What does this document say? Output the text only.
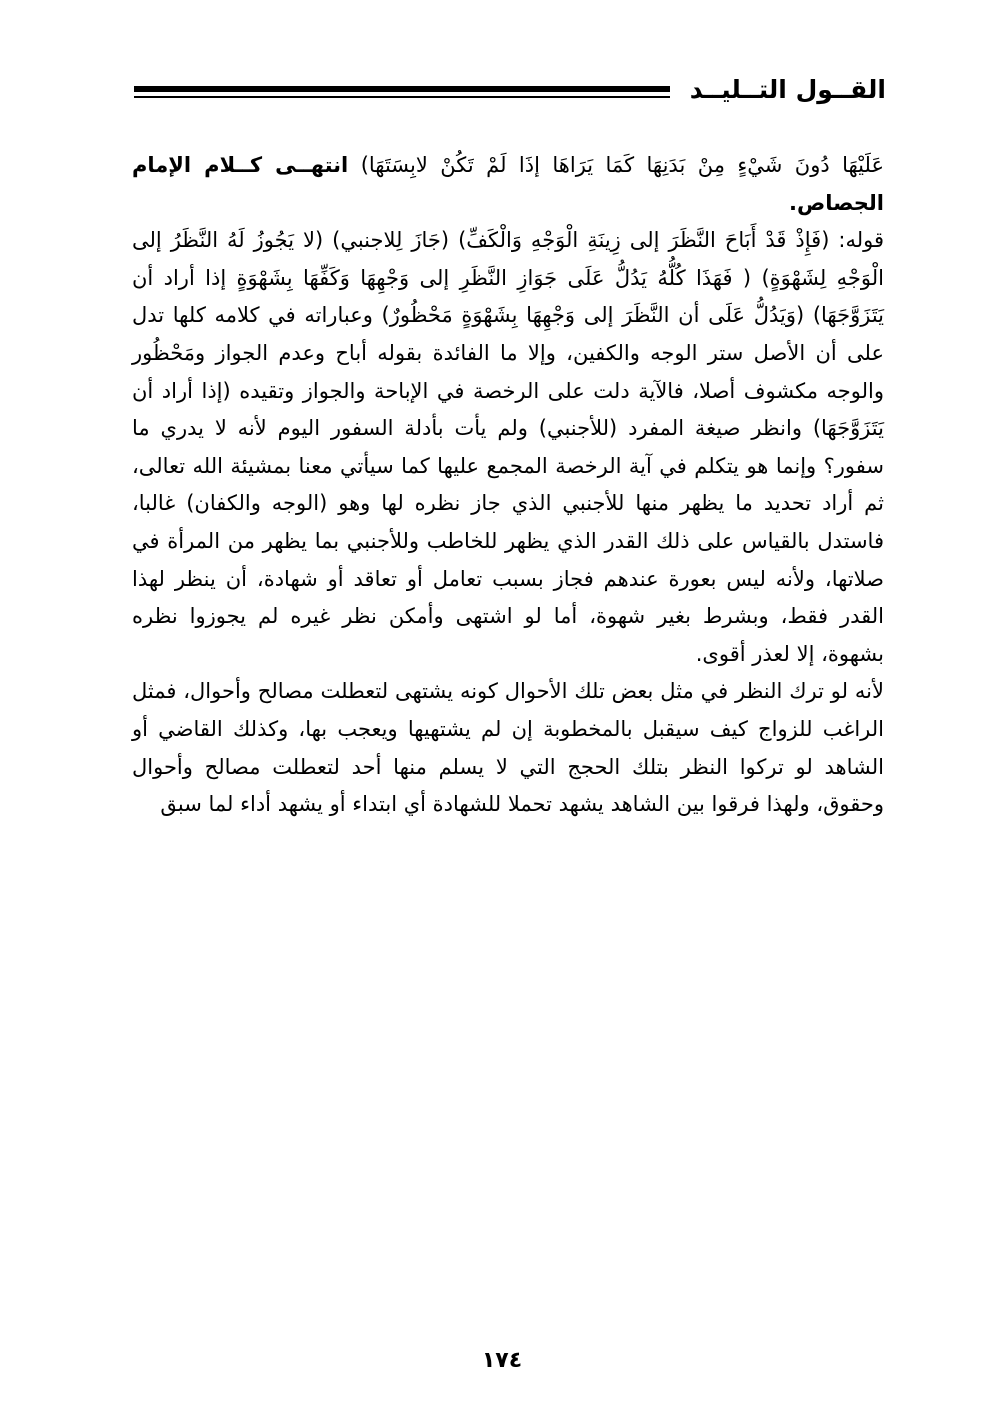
القــول التــليــد

عَلَيْهَا دُونَ شَيْءٍ مِنْ بَدَنِهَا كَمَا يَرَاهَا إذَا لَمْ تَكُنْ لابِسَتَهَا) انتهــى كــلام الإمام الجصاص.

قوله: (فَإِذْ قَدْ أَبَاحَ النَّظَرَ إلى زِينَةِ الْوَجْهِ وَالْكَفِّ) (جَازَ لِلاجنبي) (لا يَجُوزُ لَهُ النَّظَرُ إلى الْوَجْهِ لِشَهْوَةٍ) ( فَهَذَا كُلُّهُ يَدُلُّ عَلَى جَوَازِ النَّظَرِ إلى وَجْهِهَا وَكَفِّهَا بِشَهْوَةٍ إذا أراد أن يَتَزَوَّجَهَا) (وَيَدُلُّ عَلَى أن النَّظَرَ إلى وَجْهِهَا بِشَهْوَةٍ مَحْظُورٌ) وعباراته في كلامه كلها تدل على أن الأصل ستر الوجه والكفين، وإلا ما الفائدة بقوله أباح وعدم الجواز ومَحْظُور والوجه مكشوف أصلا، فالآية دلت على الرخصة في الإباحة والجواز وتقيده (إذا أراد أن يَتَزَوَّجَهَا) وانظر صيغة المفرد (للأجنبي) ولم يأت بأدلة السفور اليوم لأنه لا يدري ما سفور؟ وإنما هو يتكلم في آية الرخصة المجمع عليها كما سيأتي معنا بمشيئة الله تعالى، ثم أراد تحديد ما يظهر منها للأجنبي الذي جاز نظره لها وهو (الوجه والكفان) غالبا، فاستدل بالقياس على ذلك القدر الذي يظهر للخاطب وللأجنبي بما يظهر من المرأة في صلاتها، ولأنه ليس بعورة عندهم فجاز بسبب تعامل أو تعاقد أو شهادة، أن ينظر لهذا القدر فقط، وبشرط بغير شهوة، أما لو اشتهى وأمكن نظر غيره لم يجوزوا نظره بشهوة، إلا لعذر أقوى.

لأنه لو ترك النظر في مثل بعض تلك الأحوال كونه يشتهى لتعطلت مصالح وأحوال، فمثل الراغب للزواج كيف سيقبل بالمخطوبة إن لم يشتهيها ويعجب بها، وكذلك القاضي أو الشاهد لو تركوا النظر بتلك الحجج التي لا يسلم منها أحد لتعطلت مصالح وأحوال وحقوق، ولهذا فرقوا بين الشاهد يشهد تحملا للشهادة أي ابتداء أو يشهد أداء لما سبق

١٧٤
